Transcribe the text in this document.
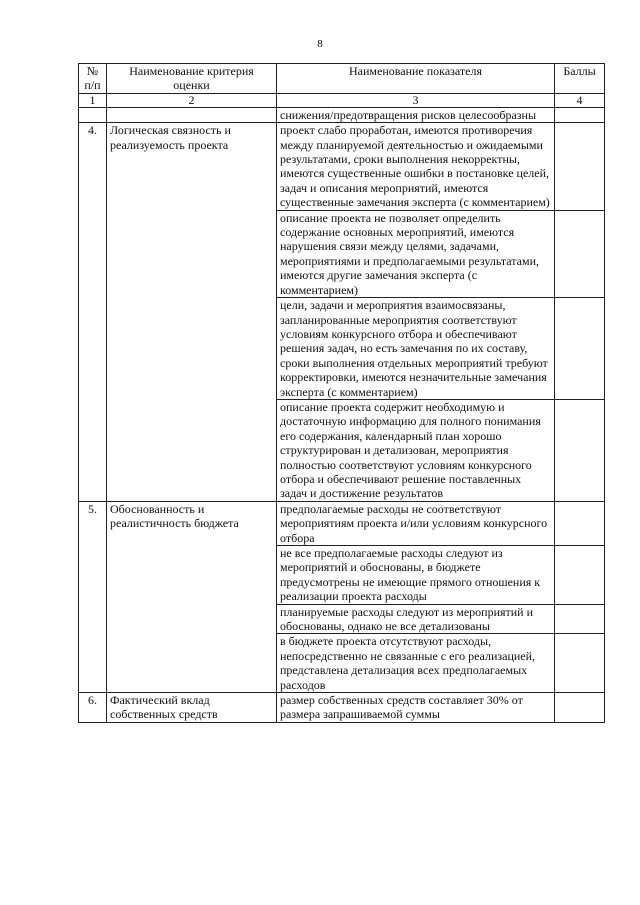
8
№ п/п	Наименование критерия оценки	Наименование показателя	Баллы
1	2	3	4
		снижения/предотвращения рисков целесообразны	
4.	Логическая связность и реализуемость проекта	проект слабо проработан, имеются противоречия между планируемой деятельностью и ожидаемыми результатами, сроки выполнения некорректны, имеются существенные ошибки в постановке целей, задач и описания мероприятий, имеются существенные замечания эксперта (с комментарием)	
		описание проекта не позволяет определить содержание основных мероприятий, имеются нарушения связи между целями, задачами, мероприятиями и предполагаемыми результатами, имеются другие замечания эксперта (с комментарием)	
		цели, задачи и мероприятия взаимосвязаны, запланированные мероприятия соответствуют условиям конкурсного отбора и обеспечивают решения задач, но есть замечания по их составу, сроки выполнения отдельных мероприятий требуют корректировки, имеются незначительные замечания эксперта (с комментарием)	
		описание проекта содержит необходимую и достаточную информацию для полного понимания его содержания, календарный план хорошо структурирован и детализован, мероприятия полностью соответствуют условиям конкурсного отбора и обеспечивают решение поставленных задач и достижение результатов	
5.	Обоснованность и реалистичность бюджета	предполагаемые расходы не соответствуют мероприятиям проекта и/или условиям конкурсного отбора	
		не все предполагаемые расходы следуют из мероприятий и обоснованы, в бюджете предусмотрены не имеющие прямого отношения к реализации проекта расходы	
		планируемые расходы следуют из мероприятий и обоснованы, однако не все детализованы	
		в бюджете проекта отсутствуют расходы, непосредственно не связанные с его реализацией, представлена детализация всех предполагаемых расходов	
6.	Фактический вклад собственных средств	размер собственных средств составляет 30% от размера запрашиваемой суммы	
